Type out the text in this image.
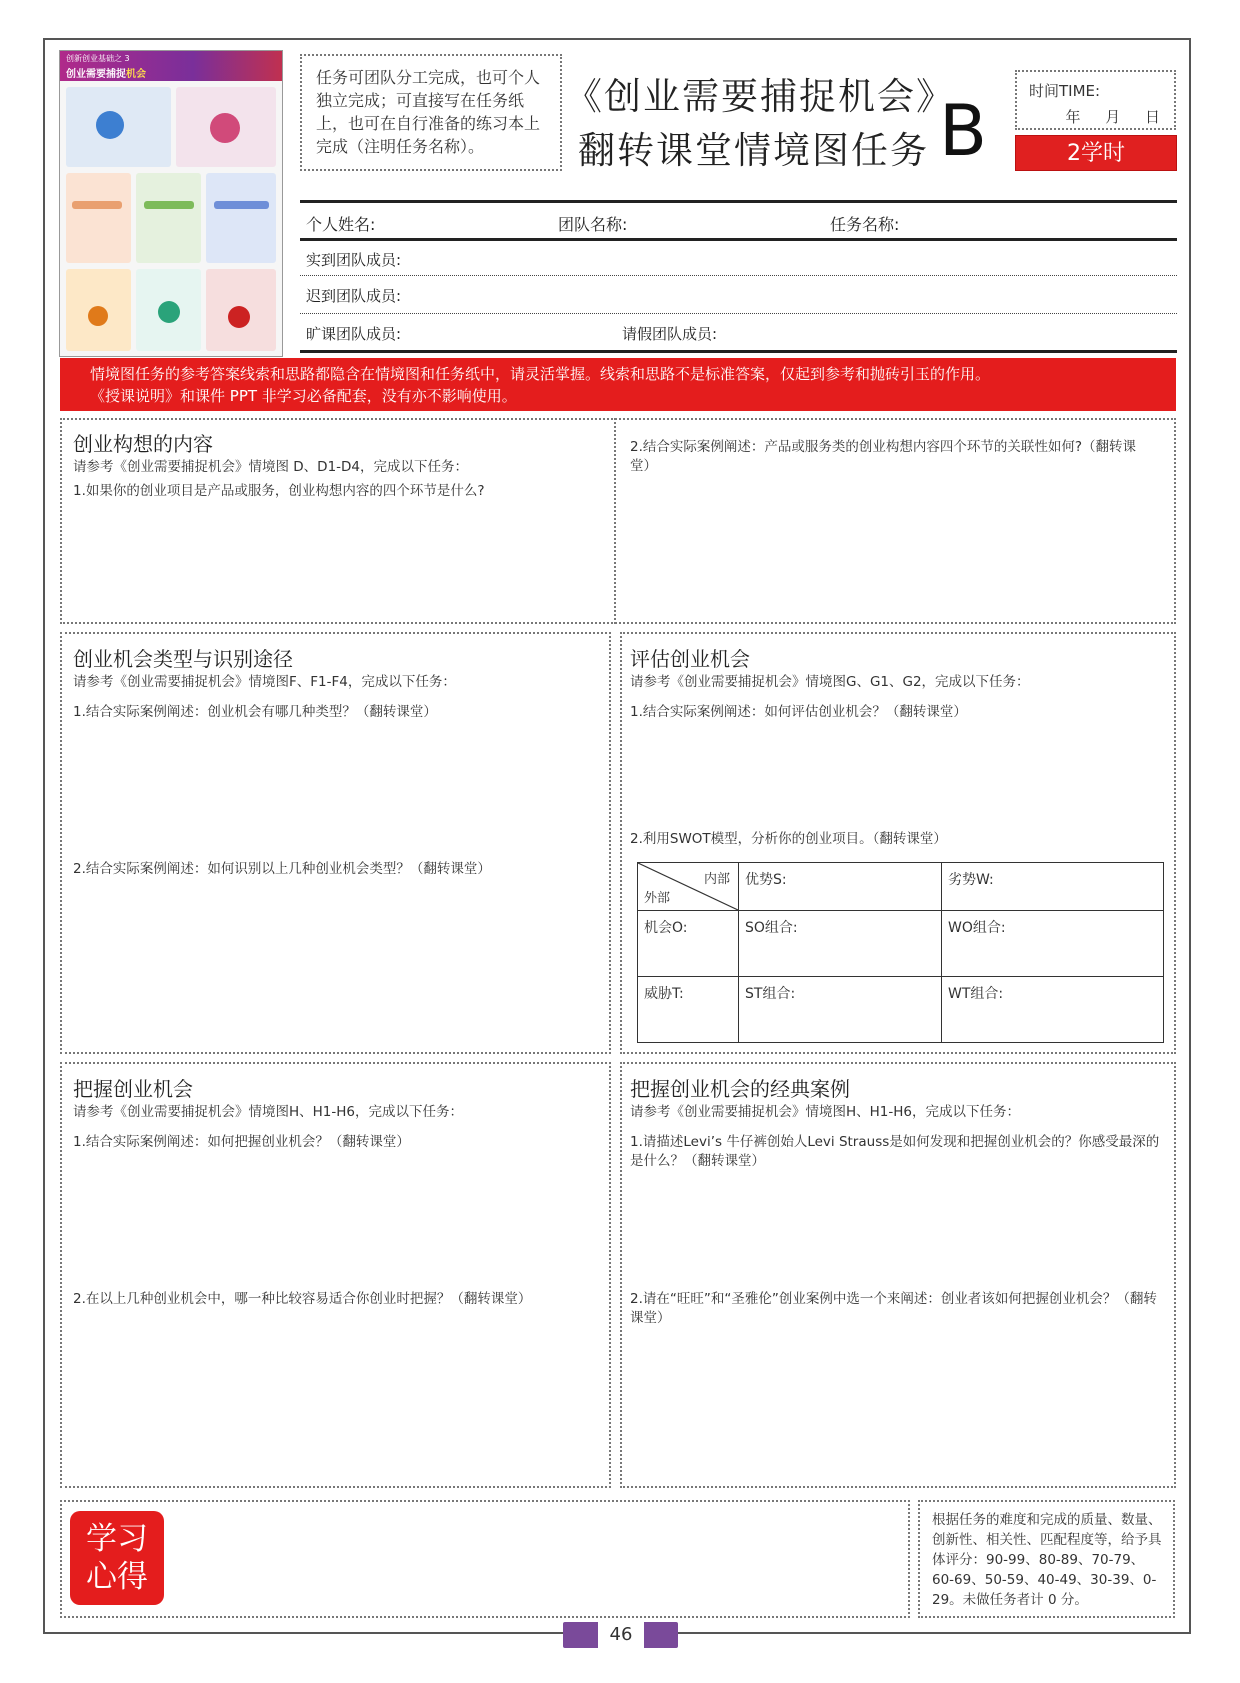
创新创业基础之 3
创业需要捕捉机会	任务可团队分工完成，也可个人独立完成；可直接写在任务纸上，也可在自行准备的练习本上完成（注明任务名称）。
《创业需要捕捉机会》
翻转课堂情境图任务 B	时间TIME:
年 月 日
2学时
个人姓名:	团队名称:	任务名称:
实到团队成员:
迟到团队成员:
旷课团队成员:	请假团队成员:
情境图任务的参考答案线索和思路都隐含在情境图和任务纸中，请灵活掌握。线索和思路不是标准答案，仅起到参考和抛砖引玉的作用。
《授课说明》和课件 PPT 非学习必备配套，没有亦不影响使用。
创业构想的内容
请参考《创业需要捕捉机会》情境图 D、D1-D4，完成以下任务：
1.如果你的创业项目是产品或服务，创业构想内容的四个环节是什么?
2.结合实际案例阐述：产品或服务类的创业构想内容四个环节的关联性如何?（翻转课堂）
创业机会类型与识别途径
请参考《创业需要捕捉机会》情境图F、F1-F4，完成以下任务：
1.结合实际案例阐述：创业机会有哪几种类型？（翻转课堂）
2.结合实际案例阐述：如何识别以上几种创业机会类型？（翻转课堂）
评估创业机会
请参考《创业需要捕捉机会》情境图G、G1、G2，完成以下任务：
1.结合实际案例阐述：如何评估创业机会？（翻转课堂）
2.利用SWOT模型，分析你的创业项目。（翻转课堂）
内部
外部	优势S:	劣势W:
机会O:	SO组合:	WO组合:
威胁T:	ST组合:	WT组合:
把握创业机会
请参考《创业需要捕捉机会》情境图H、H1-H6，完成以下任务：
1.结合实际案例阐述：如何把握创业机会？（翻转课堂）
2.在以上几种创业机会中，哪一种比较容易适合你创业时把握？（翻转课堂）
把握创业机会的经典案例
请参考《创业需要捕捉机会》情境图H、H1-H6，完成以下任务：
1.请描述Levi’s 牛仔裤创始人Levi Strauss是如何发现和把握创业机会的？你感受最深的是什么？（翻转课堂）
2.请在“旺旺”和“圣雅伦”创业案例中选一个来阐述：创业者该如何把握创业机会？（翻转课堂）
学习
心得
根据任务的难度和完成的质量、数量、创新性、相关性、匹配程度等，给予具体评分：90-99、80-89、70-79、60-69、50-59、40-49、30-39、0-29。未做任务者计 0 分。
46
